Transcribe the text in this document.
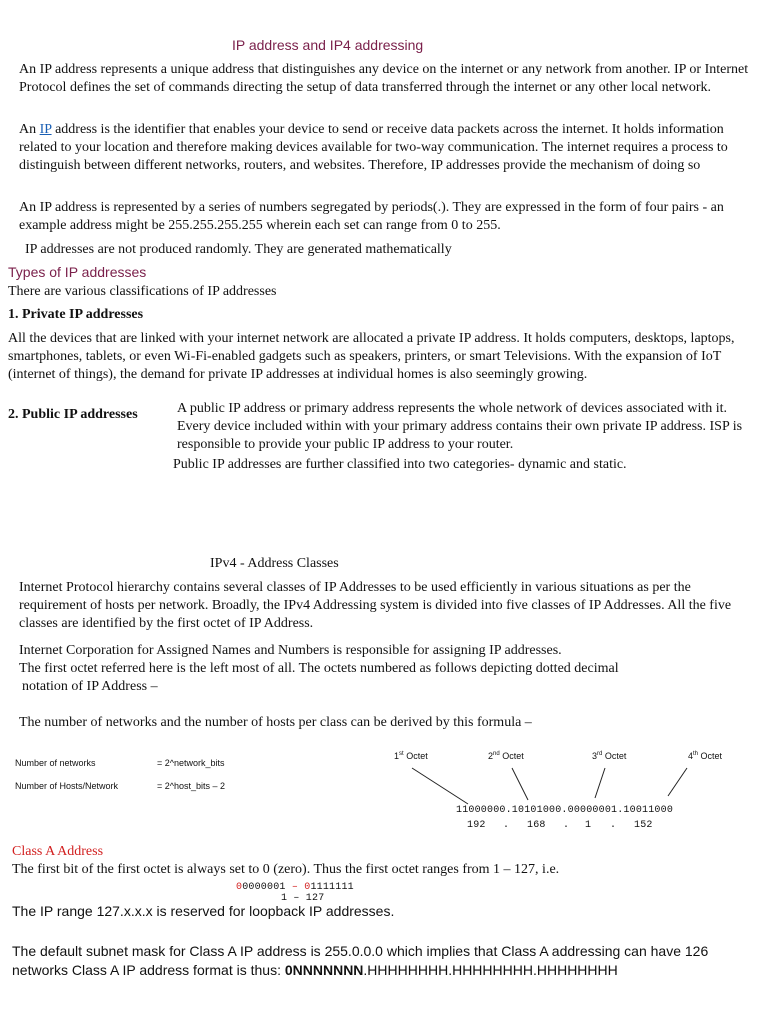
IP address and IP4 addressing
An IP address represents a unique address that distinguishes any device on the internet or any network from another. IP or Internet Protocol defines the set of commands directing the setup of data transferred through the internet or any other local network.
An IP address is the identifier that enables your device to send or receive data packets across the internet. It holds information related to your location and therefore making devices available for two-way communication. The internet requires a process to distinguish between different networks, routers, and websites. Therefore, IP addresses provide the mechanism of doing so
An IP address is represented by a series of numbers segregated by periods(.). They are expressed in the form of four pairs - an example address might be 255.255.255.255 wherein each set can range from 0 to 255.
IP addresses are not produced randomly. They are generated mathematically
Types of IP addresses
There are various classifications of IP addresses
1. Private IP addresses
All the devices that are linked with your internet network are allocated a private IP address. It holds computers, desktops, laptops, smartphones, tablets, or even Wi-Fi-enabled gadgets such as speakers, printers, or smart Televisions. With the expansion of IoT (internet of things), the demand for private IP addresses at individual homes is also seemingly growing.
2. Public IP addresses	A public IP address or primary address represents the whole network of devices associated with it. Every device included within with your primary address contains their own private IP address. ISP is responsible to provide your public IP address to your router.
Public IP addresses are further classified into two categories- dynamic and static.
IPv4 - Address Classes
Internet Protocol hierarchy contains several classes of IP Addresses to be used efficiently in various situations as per the requirement of hosts per network. Broadly, the IPv4 Addressing system is divided into five classes of IP Addresses. All the five classes are identified by the first octet of IP Address.
Internet Corporation for Assigned Names and Numbers is responsible for assigning IP addresses.
The first octet referred here is the left most of all. The octets numbered as follows depicting dotted decimal
notation of IP Address –
The number of networks and the number of hosts per class can be derived by this formula –
Number of networks	= 2^network_bits
Number of Hosts/Network	= 2^host_bits – 2
1st Octet	2nd Octet	3rd Octet	4th Octet
11000000.10101000.00000001.10011000
192 . 168 . 1 . 152
Class A Address
The first bit of the first octet is always set to 0 (zero). Thus the first octet ranges from 1 – 127, i.e.
00000001 – 01111111
1 – 127
The IP range 127.x.x.x is reserved for loopback IP addresses.
The default subnet mask for Class A IP address is 255.0.0.0 which implies that Class A addressing can have 126
networks Class A IP address format is thus: 0NNNNNNN.HHHHHHHH.HHHHHHHH.HHHHHHHH
